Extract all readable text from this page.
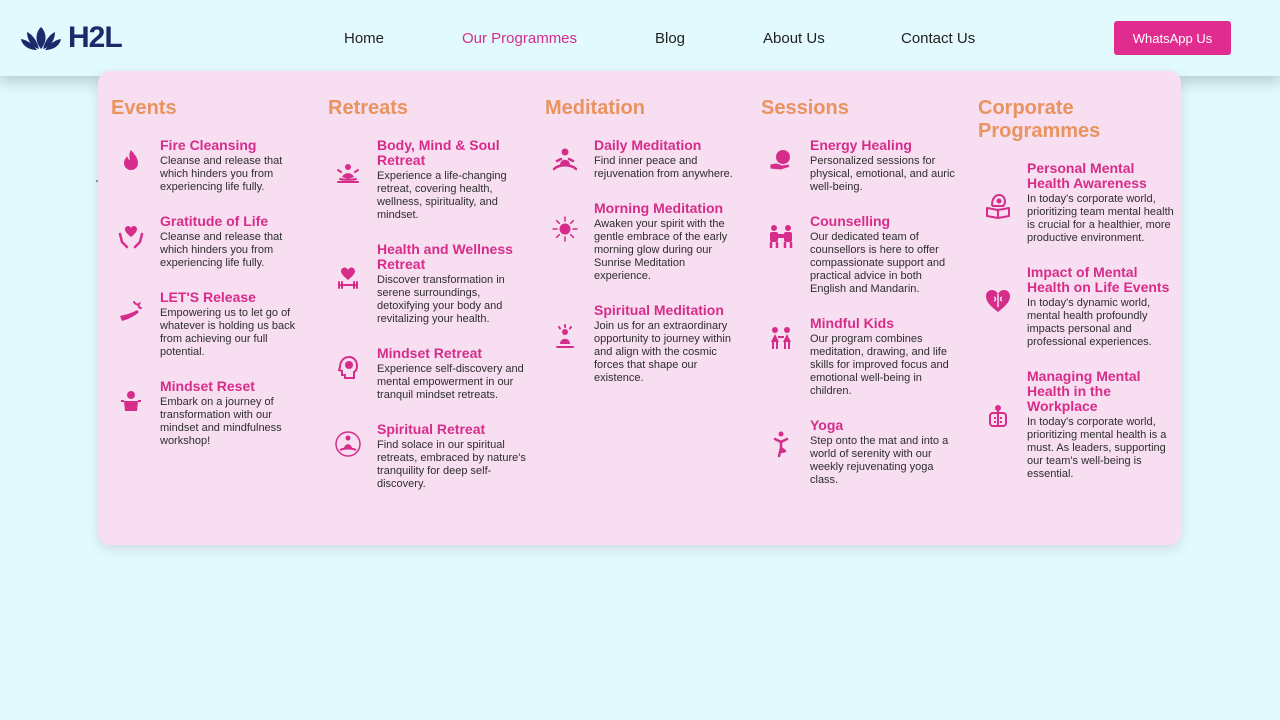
H2L	Home	Our Programmes	Blog	About Us	Contact Us	WhatsApp Us
Events
Fire Cleansing
Cleanse and release that which hinders you from experiencing life fully.
Gratitude of Life
Cleanse and release that which hinders you from experiencing life fully.
LET'S Release
Empowering us to let go of whatever is holding us back from achieving our full potential.
Mindset Reset
Embark on a journey of transformation with our mindset and mindfulness workshop!
Retreats
Body, Mind & Soul Retreat
Experience a life-changing retreat, covering health, wellness, spirituality, and mindset.
Health and Wellness Retreat
Discover transformation in serene surroundings, detoxifying your body and revitalizing your health.
Mindset Retreat
Experience self-discovery and mental empowerment in our tranquil mindset retreats.
Spiritual Retreat
Find solace in our spiritual retreats, embraced by nature's tranquility for deep self-discovery.
Meditation
Daily Meditation
Find inner peace and rejuvenation from anywhere.
Morning Meditation
Awaken your spirit with the gentle embrace of the early morning glow during our Sunrise Meditation experience.
Spiritual Meditation
Join us for an extraordinary opportunity to journey within and align with the cosmic forces that shape our existence.
Sessions
Energy Healing
Personalized sessions for physical, emotional, and auric well-being.
Counselling
Our dedicated team of counsellors is here to offer compassionate support and practical advice in both English and Mandarin.
Mindful Kids
Our program combines meditation, drawing, and life skills for improved focus and emotional well-being in children.
Yoga
Step onto the mat and into a world of serenity with our weekly rejuvenating yoga class.
Corporate Programmes
Personal Mental Health Awareness
In today's corporate world, prioritizing team mental health is crucial for a healthier, more productive environment.
Impact of Mental Health on Life Events
In today's dynamic world, mental health profoundly impacts personal and professional experiences.
Managing Mental Health in the Workplace
In today's corporate world, prioritizing mental health is a must. As leaders, supporting our team's well-being is essential.
